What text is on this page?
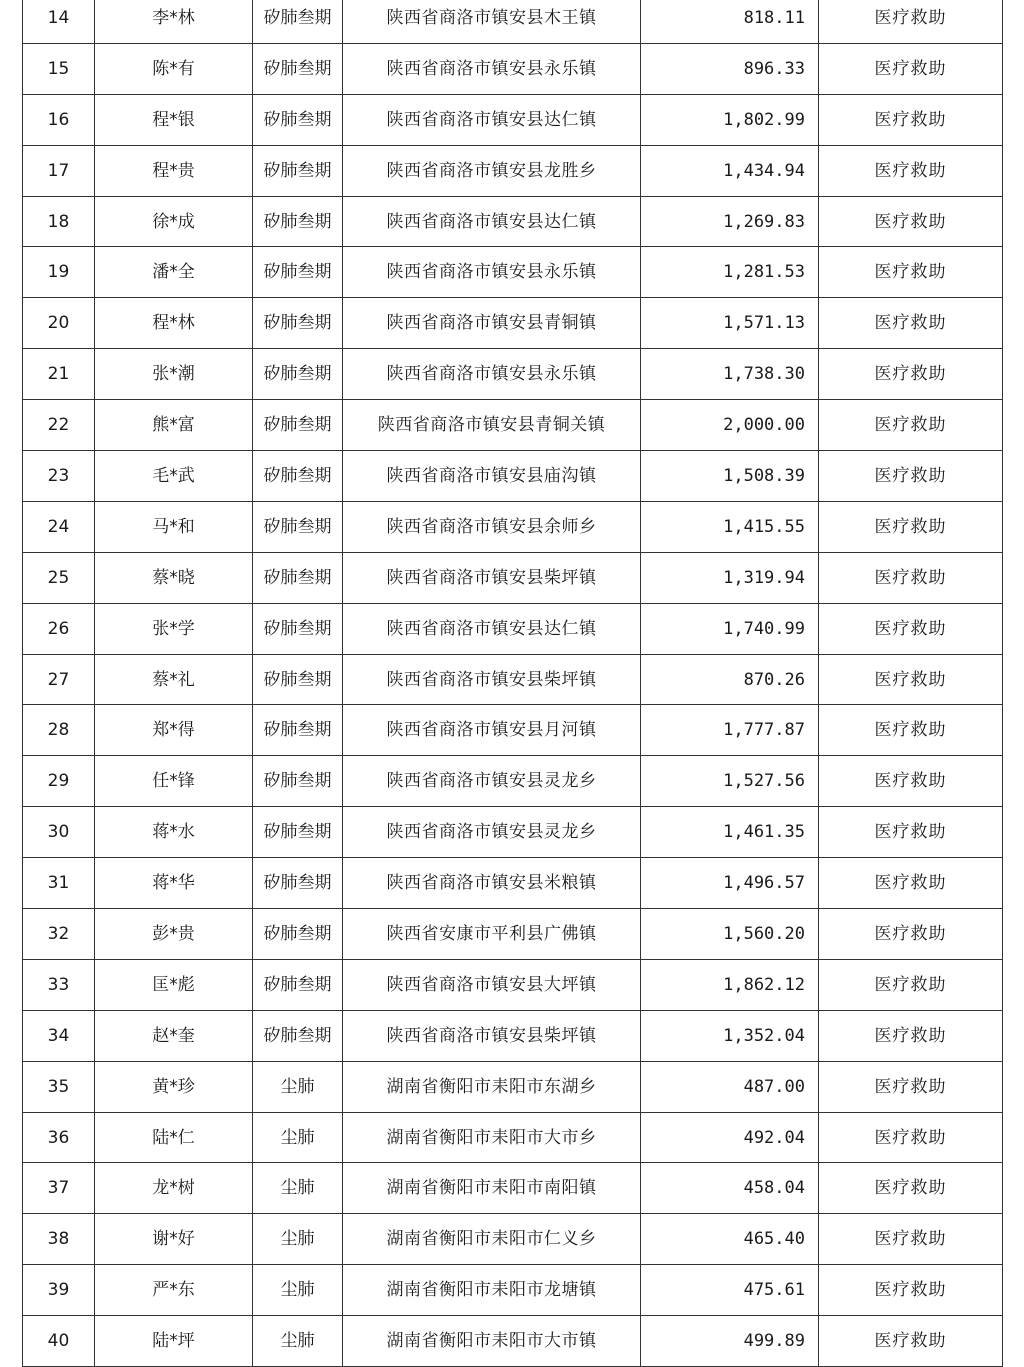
14	李*林	矽肺叁期	陕西省商洛市镇安县木王镇	818.11	医疗救助
15	陈*有	矽肺叁期	陕西省商洛市镇安县永乐镇	896.33	医疗救助
16	程*银	矽肺叁期	陕西省商洛市镇安县达仁镇	1,802.99	医疗救助
17	程*贵	矽肺叁期	陕西省商洛市镇安县龙胜乡	1,434.94	医疗救助
18	徐*成	矽肺叁期	陕西省商洛市镇安县达仁镇	1,269.83	医疗救助
19	潘*全	矽肺叁期	陕西省商洛市镇安县永乐镇	1,281.53	医疗救助
20	程*林	矽肺叁期	陕西省商洛市镇安县青铜镇	1,571.13	医疗救助
21	张*潮	矽肺叁期	陕西省商洛市镇安县永乐镇	1,738.30	医疗救助
22	熊*富	矽肺叁期	陕西省商洛市镇安县青铜关镇	2,000.00	医疗救助
23	毛*武	矽肺叁期	陕西省商洛市镇安县庙沟镇	1,508.39	医疗救助
24	马*和	矽肺叁期	陕西省商洛市镇安县余师乡	1,415.55	医疗救助
25	蔡*晓	矽肺叁期	陕西省商洛市镇安县柴坪镇	1,319.94	医疗救助
26	张*学	矽肺叁期	陕西省商洛市镇安县达仁镇	1,740.99	医疗救助
27	蔡*礼	矽肺叁期	陕西省商洛市镇安县柴坪镇	870.26	医疗救助
28	郑*得	矽肺叁期	陕西省商洛市镇安县月河镇	1,777.87	医疗救助
29	任*锋	矽肺叁期	陕西省商洛市镇安县灵龙乡	1,527.56	医疗救助
30	蒋*水	矽肺叁期	陕西省商洛市镇安县灵龙乡	1,461.35	医疗救助
31	蒋*华	矽肺叁期	陕西省商洛市镇安县米粮镇	1,496.57	医疗救助
32	彭*贵	矽肺叁期	陕西省安康市平利县广佛镇	1,560.20	医疗救助
33	匡*彪	矽肺叁期	陕西省商洛市镇安县大坪镇	1,862.12	医疗救助
34	赵*奎	矽肺叁期	陕西省商洛市镇安县柴坪镇	1,352.04	医疗救助
35	黄*珍	尘肺	湖南省衡阳市耒阳市东湖乡	487.00	医疗救助
36	陆*仁	尘肺	湖南省衡阳市耒阳市大市乡	492.04	医疗救助
37	龙*树	尘肺	湖南省衡阳市耒阳市南阳镇	458.04	医疗救助
38	谢*好	尘肺	湖南省衡阳市耒阳市仁义乡	465.40	医疗救助
39	严*东	尘肺	湖南省衡阳市耒阳市龙塘镇	475.61	医疗救助
40	陆*坪	尘肺	湖南省衡阳市耒阳市大市镇	499.89	医疗救助
